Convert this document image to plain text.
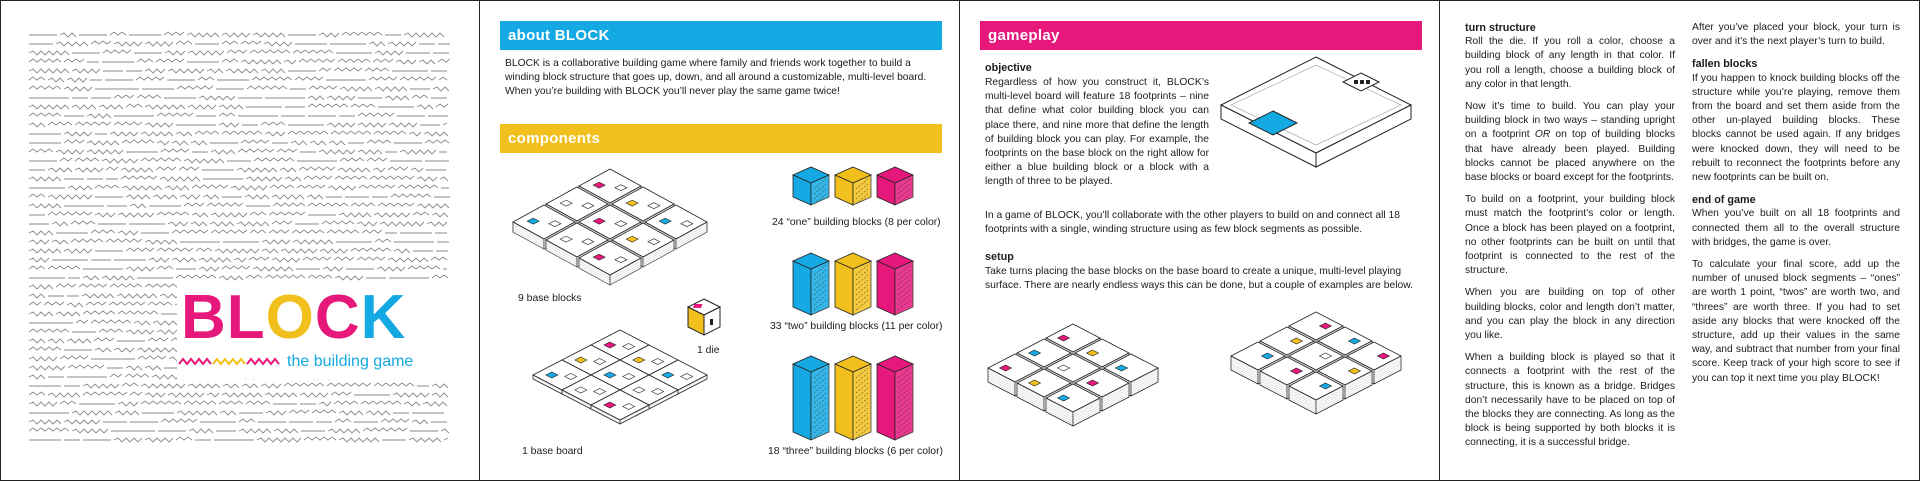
BLOCK
the building game
about BLOCK

BLOCK is a collaborative building game where family and friends work together to build a winding block structure that goes up, down, and all around a customizable, multi-level board. When you’re building with BLOCK you’ll never play the same game twice!

components
9 base blocks
1 die
1 base board
24 “one” building blocks (8 per color)
33 “two” building blocks (11 per color)
18 “three” building blocks (6 per color)
gameplay
objective

Regardless of how you construct it, BLOCK’s multi-level board will feature 18 footprints – nine that define what color building block you can place there, and nine more that define the length of building block you can play. For example, the footprints on the base block on the right allow for either a blue building block or a block with a length of three to be played.

In a game of BLOCK, you’ll collaborate with the other players to build on and connect all 18 footprints with a single, winding structure using as few block segments as possible.

setup

Take turns placing the base blocks on the base board to create a unique, multi-level playing surface. There are nearly endless ways this can be done, but a couple of examples are below.

turn structure

Roll the die. If you roll a color, choose a building block of any length in that color. If you roll a length, choose a building block of any color in that length.

Now it’s time to build. You can play your building block in two ways – standing upright on a footprint OR on top of building blocks that have already been played. Building blocks cannot be placed anywhere on the base blocks or board except for the footprints.

To build on a footprint, your building block must match the footprint’s color or length. Once a block has been played on a footprint, no other footprints can be built on until that footprint is connected to the rest of the structure.

When you are building on top of other building blocks, color and length don’t matter, and you can play the block in any direction you like.

When a building block is played so that it connects a footprint with the rest of the structure, this is known as a bridge. Bridges don’t necessarily have to be placed on top of the blocks they are connecting. As long as the block is being supported by both blocks it is connecting, it is a successful bridge.

After you’ve placed your block, your turn is over and it’s the next player’s turn to build.

fallen blocks

If you happen to knock building blocks off the structure while you’re playing, remove them from the board and set them aside from the other un-played building blocks. These blocks cannot be used again. If any bridges were knocked down, they will need to be rebuilt to reconnect the footprints before any new footprints can be built on.

end of game

When you’ve built on all 18 footprints and connected them all to the overall structure with bridges, the game is over.

To calculate your final score, add up the number of unused block segments – “ones” are worth 1 point, “twos” are worth two, and “threes” are worth three. If you had to set aside any blocks that were knocked off the structure, add up their values in the same way, and subtract that number from your final score. Keep track of your high score to see if you can top it next time you play BLOCK!
